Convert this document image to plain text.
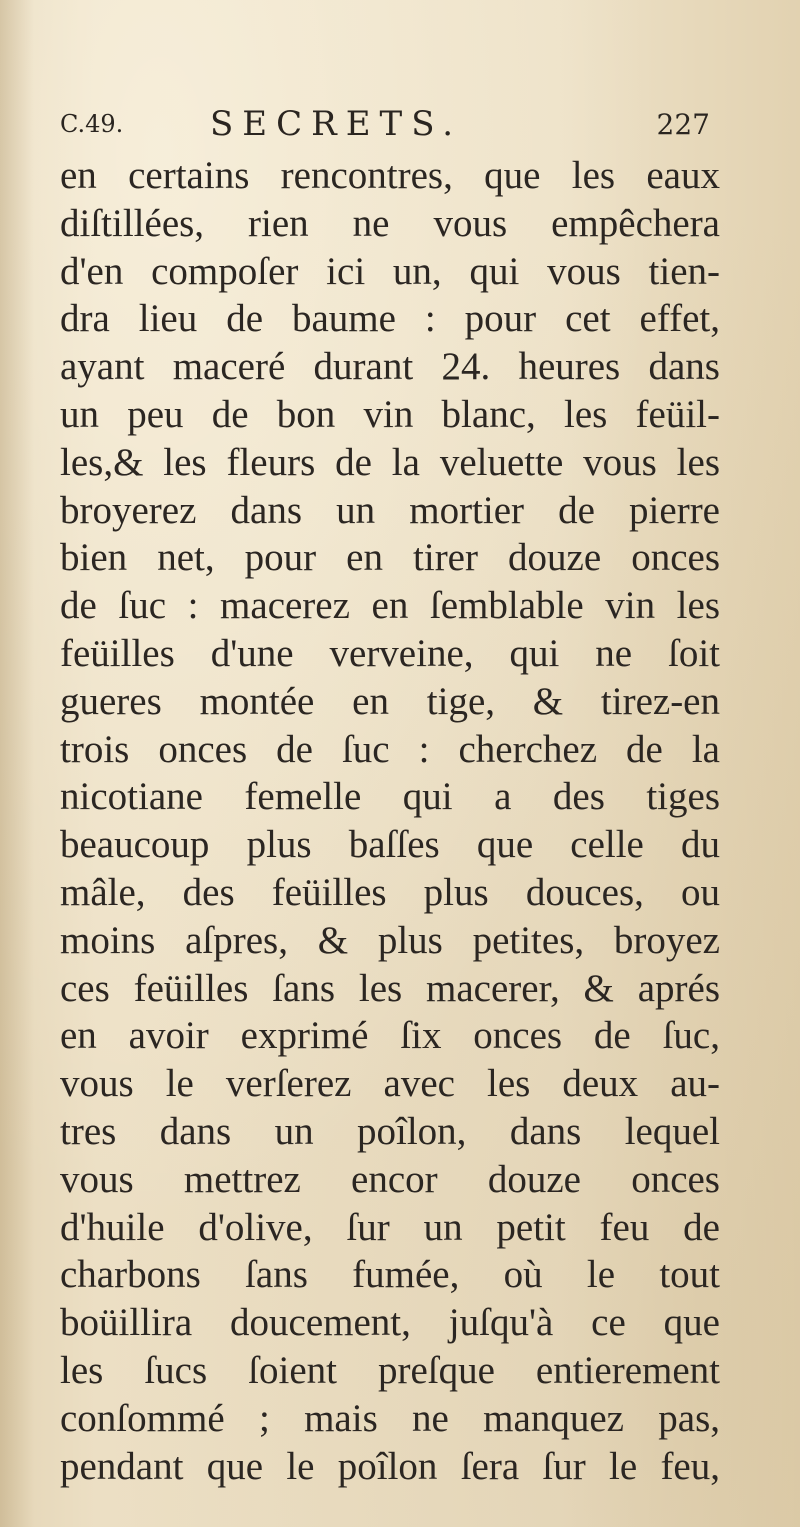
C.49.	SECRETS.	227
en certains rencontres, que les eaux
diſtillées, rien ne vous empêchera
d'en compoſer ici un, qui vous tien-
dra lieu de baume : pour cet effet,
ayant maceré durant 24. heures dans
un peu de bon vin blanc, les feüil-
les,& les fleurs de la veluette vous les
broyerez dans un mortier de pierre
bien net, pour en tirer douze onces
de ſuc : macerez en ſemblable vin les
feüilles d'une verveine, qui ne ſoit
gueres montée en tige, & tirez-en
trois onces de ſuc : cherchez de la
nicotiane femelle qui a des tiges
beaucoup plus baſſes que celle du
mâle, des feüilles plus douces, ou
moins aſpres, & plus petites, broyez
ces feüilles ſans les macerer, & aprés
en avoir exprimé ſix onces de ſuc,
vous le verſerez avec les deux au-
tres dans un poîlon, dans lequel
vous mettrez encor douze onces
d'huile d'olive, ſur un petit feu de
charbons ſans fumée, où le tout
boüillira doucement, juſqu'à ce que
les ſucs ſoient preſque entierement
conſommé ; mais ne manquez pas,
pendant que le poîlon ſera ſur le feu,
